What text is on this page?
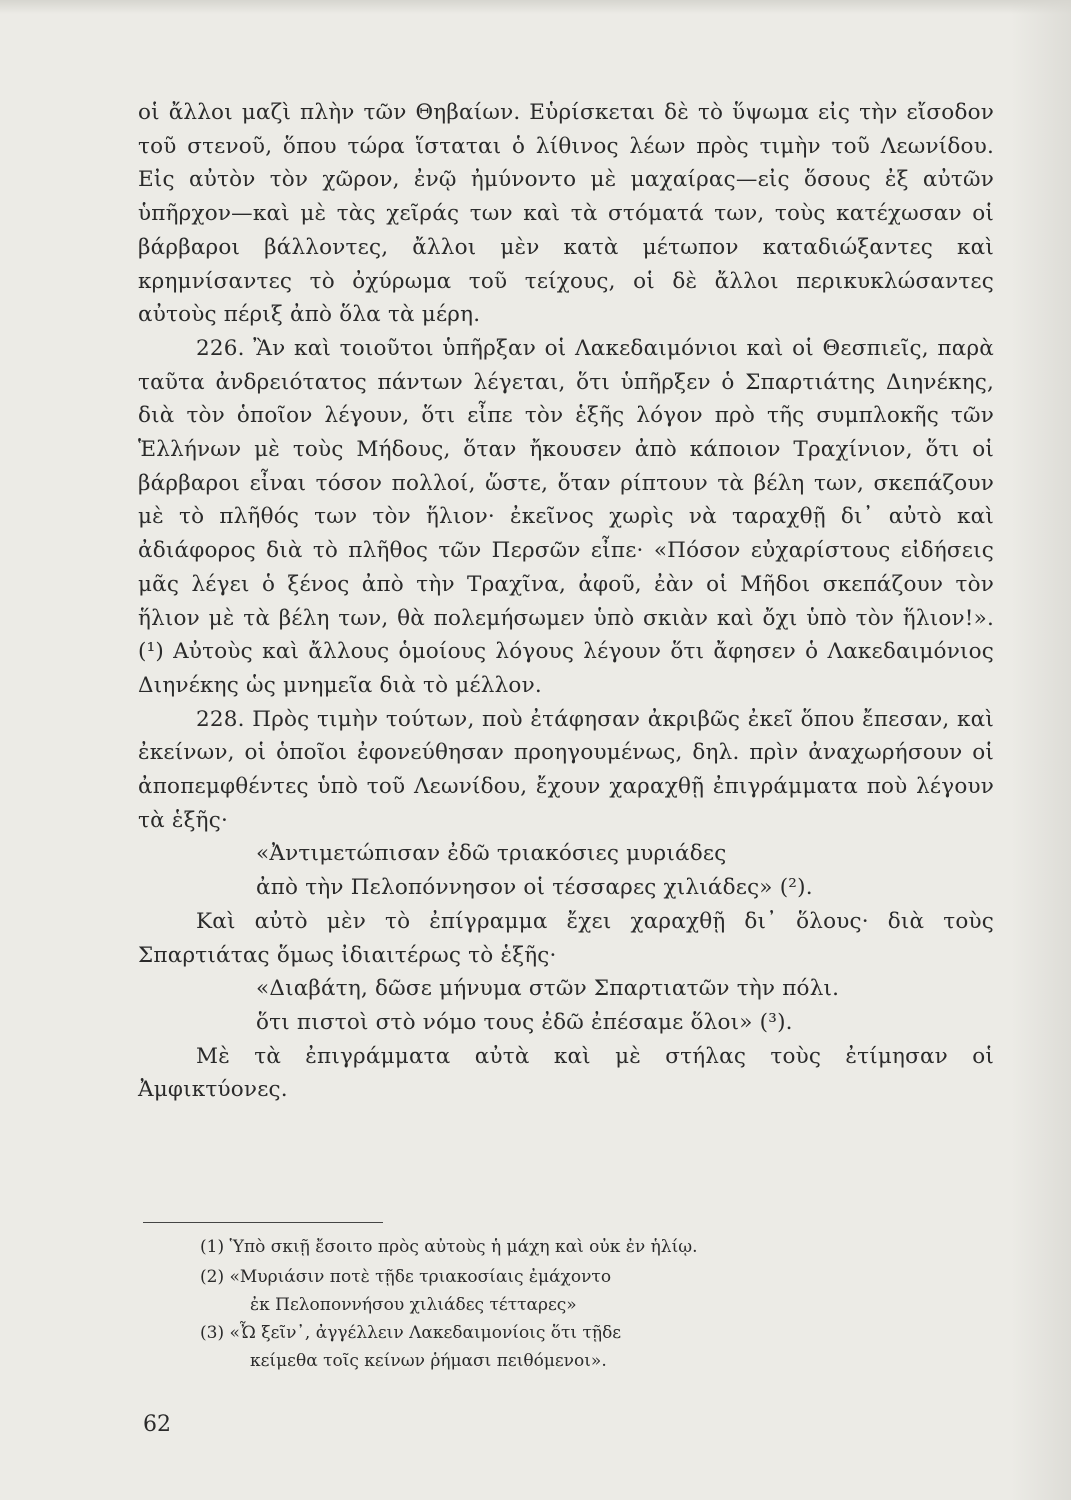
οἱ ἄλλοι μαζὶ πλὴν τῶν Θηβαίων. Εὑρίσκεται δὲ τὸ ὕψωμα εἰς τὴν εἴσοδον τοῦ στενοῦ, ὅπου τώρα ἵσταται ὁ λίθινος λέων πρὸς τιμὴν τοῦ Λεωνίδου. Εἰς αὐτὸν τὸν χῶρον, ἐνῷ ἠμύνοντο μὲ μαχαίρας—εἰς ὅσους ἐξ αὐτῶν ὑπῆρχον—καὶ μὲ τὰς χεῖράς των καὶ τὰ στόματά των, τοὺς κατέχωσαν οἱ βάρβαροι βάλλοντες, ἄλλοι μὲν κατὰ μέτωπον καταδιώξαντες καὶ κρημνίσαντες τὸ ὀχύρωμα τοῦ τείχους, οἱ δὲ ἄλλοι περικυκλώσαντες αὐτοὺς πέριξ ἀπὸ ὅλα τὰ μέρη.

226. Ἂν καὶ τοιοῦτοι ὑπῆρξαν οἱ Λακεδαιμόνιοι καὶ οἱ Θεσπιεῖς, παρὰ ταῦτα ἀνδρειότατος πάντων λέγεται, ὅτι ὑπῆρξεν ὁ Σπαρτιάτης Διηνέκης, διὰ τὸν ὁποῖον λέγουν, ὅτι εἶπε τὸν ἑξῆς λόγον πρὸ τῆς συμπλοκῆς τῶν Ἑλλήνων μὲ τοὺς Μήδους, ὅταν ἤκουσεν ἀπὸ κάποιον Τραχίνιον, ὅτι οἱ βάρβαροι εἶναι τόσον πολλοί, ὥστε, ὅταν ρίπτουν τὰ βέλη των, σκεπάζουν μὲ τὸ πλῆθός των τὸν ἥλιον· ἐκεῖνος χωρὶς νὰ ταραχθῇ δι᾽ αὐτὸ καὶ ἀδιάφορος διὰ τὸ πλῆθος τῶν Περσῶν εἶπε· «Πόσον εὐχαρίστους εἰδήσεις μᾶς λέγει ὁ ξένος ἀπὸ τὴν Τραχῖνα, ἀφοῦ, ἐὰν οἱ Μῆδοι σκεπάζουν τὸν ἥλιον μὲ τὰ βέλη των, θὰ πολεμήσωμεν ὑπὸ σκιὰν καὶ ὄχι ὑπὸ τὸν ἥλιον!».(¹) Αὐτοὺς καὶ ἄλλους ὁμοίους λόγους λέγουν ὅτι ἄφησεν ὁ Λακεδαιμόνιος Διηνέκης ὡς μνημεῖα διὰ τὸ μέλλον.

228. Πρὸς τιμὴν τούτων, ποὺ ἐτάφησαν ἀκριβῶς ἐκεῖ ὅπου ἔπεσαν, καὶ ἐκείνων, οἱ ὁποῖοι ἐφονεύθησαν προηγουμένως, δηλ. πρὶν ἀναχωρήσουν οἱ ἀποπεμφθέντες ὑπὸ τοῦ Λεωνίδου, ἔχουν χαραχθῇ ἐπιγράμματα ποὺ λέγουν τὰ ἑξῆς·

«Ἀντιμετώπισαν ἐδῶ τριακόσιες μυριάδες

ἀπὸ τὴν Πελοπόννησον οἱ τέσσαρες χιλιάδες» (²).

Καὶ αὐτὸ μὲν τὸ ἐπίγραμμα ἔχει χαραχθῇ δι᾽ ὅλους· διὰ τοὺς Σπαρτιάτας ὅμως ἰδιαιτέρως τὸ ἑξῆς·

«Διαβάτη, δῶσε μήνυμα στῶν Σπαρτιατῶν τὴν πόλι.

ὅτι πιστοὶ στὸ νόμο τους ἐδῶ ἐπέσαμε ὅλοι» (³).

Μὲ τὰ ἐπιγράμματα αὐτὰ καὶ μὲ στήλας τοὺς ἐτίμησαν οἱ Ἀμφικτύονες.

(1) Ὑπὸ σκιῇ ἔσοιτο πρὸς αὐτοὺς ἡ μάχη καὶ οὐκ ἐν ἡλίῳ.

(2) «Μυριάσιν ποτὲ τῇδε τριακοσίαις ἐμάχοντο

ἐκ Πελοποννήσου χιλιάδες τέτταρες»

(3) «Ὦ ξεῖν᾽, ἀγγέλλειν Λακεδαιμονίοις ὅτι τῇδε

κείμεθα τοῖς κείνων ῥήμασι πειθόμενοι».

62
